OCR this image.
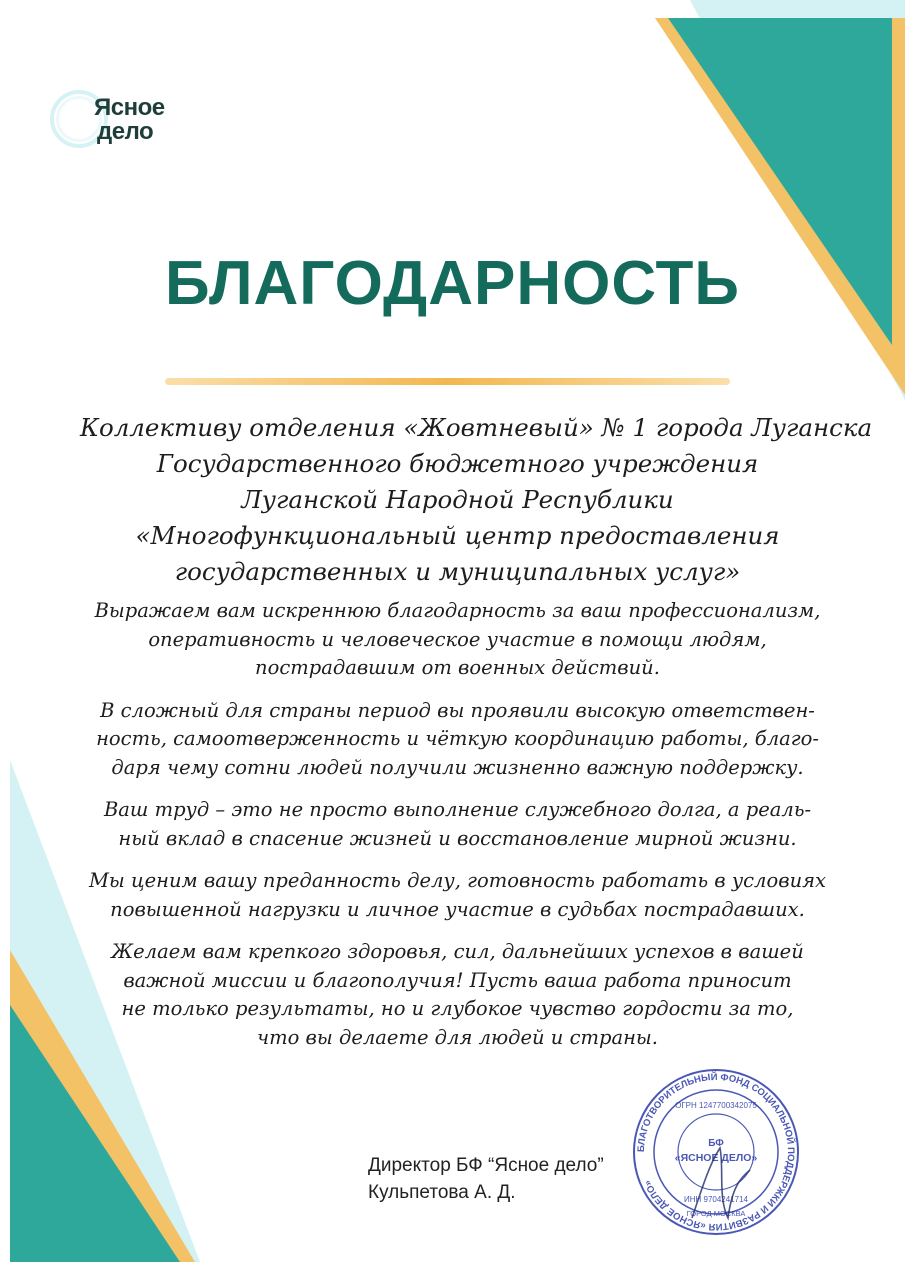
Ясное
дело
БЛАГОДАРНОСТЬ
Коллективу отделения «Жовтневый» № 1 города Луганска
Государственного бюджетного учреждения
Луганской Народной Республики
«Многофункциональный центр предоставления
государственных и муниципальных услуг»

Выражаем вам искреннюю благодарность за ваш профессионализм,
оперативность и человеческое участие в помощи людям,
пострадавшим от военных действий.

В сложный для страны период вы проявили высокую ответствен-
ность, самоотверженность и чёткую координацию работы, благо-
даря чему сотни людей получили жизненно важную поддержку.

Ваш труд – это не просто выполнение служебного долга, а реаль-
ный вклад в спасение жизней и восстановление мирной жизни.

Мы ценим вашу преданность делу, готовность работать в условиях
повышенной нагрузки и личное участие в судьбах пострадавших.

Желаем вам крепкого здоровья, сил, дальнейших успехов в вашей
важной миссии и благополучия! Пусть ваша работа приносит
не только результаты, но и глубокое чувство гордости за то,
что вы делаете для людей и страны.

Директор БФ “Ясное дело”
Кульпетова А. Д.
БЛАГОТВОРИТЕЛЬНЫЙ ФОНД СОЦИАЛЬНОЙ ПОДДЕРЖКИ И РАЗВИТИЯ «ЯСНОЕ ДЕЛО»
ОГРН 1247700342075
БФ
«ЯСНОЕ ДЕЛО»
ИНН 9704241714
ГОРОД МОСКВА
